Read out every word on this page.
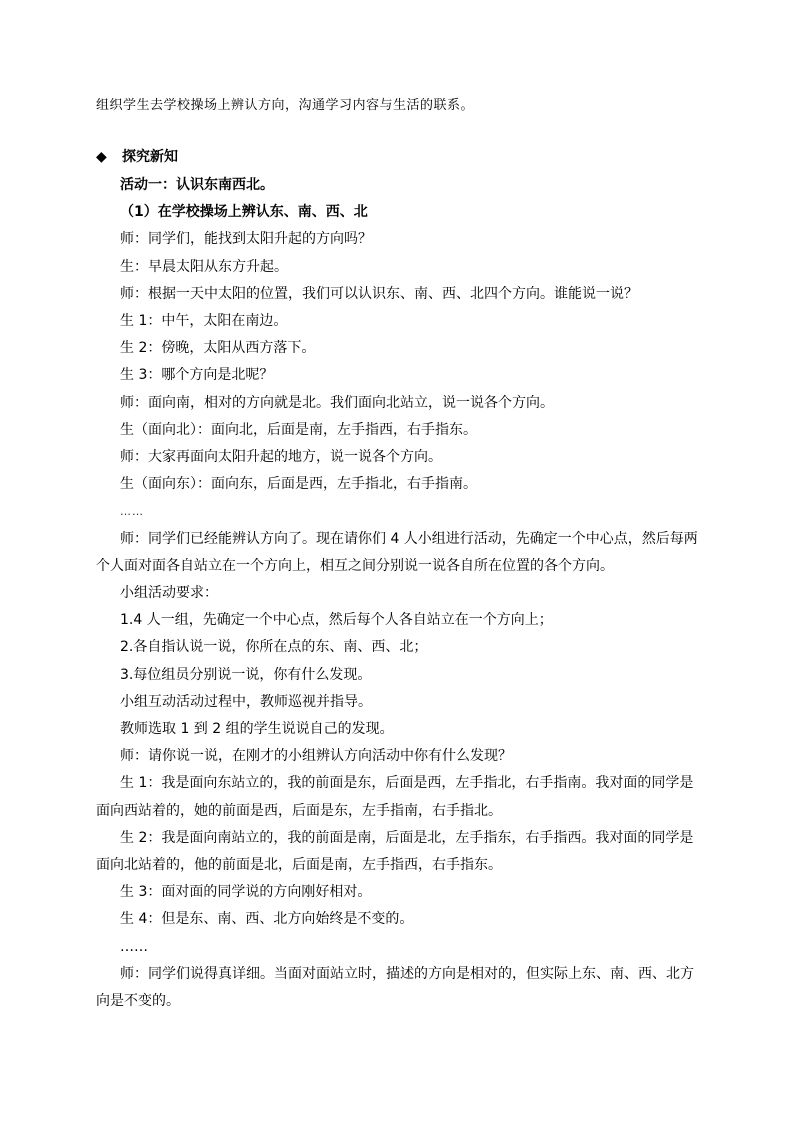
组织学生去学校操场上辨认方向，沟通学习内容与生活的联系。
◆ 探究新知

活动一：认识东南西北。

（1）在学校操场上辨认东、南、西、北

师：同学们，能找到太阳升起的方向吗？

生：早晨太阳从东方升起。

师：根据一天中太阳的位置，我们可以认识东、南、西、北四个方向。谁能说一说？

生 1：中午，太阳在南边。

生 2：傍晚，太阳从西方落下。

生 3：哪个方向是北呢？

师：面向南，相对的方向就是北。我们面向北站立，说一说各个方向。

生（面向北）：面向北，后面是南，左手指西，右手指东。

师：大家再面向太阳升起的地方，说一说各个方向。

生（面向东）：面向东，后面是西，左手指北，右手指南。

……

师：同学们已经能辨认方向了。现在请你们 4 人小组进行活动，先确定一个中心点，然后每两个人面对面各自站立在一个方向上，相互之间分别说一说各自所在位置的各个方向。

小组活动要求：

1.4 人一组，先确定一个中心点，然后每个人各自站立在一个方向上；

2.各自指认说一说，你所在点的东、南、西、北；

3.每位组员分别说一说，你有什么发现。

小组互动活动过程中，教师巡视并指导。

教师选取 1 到 2 组的学生说说自己的发现。

师：请你说一说，在刚才的小组辨认方向活动中你有什么发现？

生 1：我是面向东站立的，我的前面是东，后面是西，左手指北，右手指南。我对面的同学是面向西站着的，她的前面是西，后面是东，左手指南，右手指北。

生 2：我是面向南站立的，我的前面是南，后面是北，左手指东，右手指西。我对面的同学是面向北站着的，他的前面是北，后面是南，左手指西，右手指东。

生 3：面对面的同学说的方向刚好相对。

生 4：但是东、南、西、北方向始终是不变的。

……

师：同学们说得真详细。当面对面站立时，描述的方向是相对的，但实际上东、南、西、北方向是不变的。
